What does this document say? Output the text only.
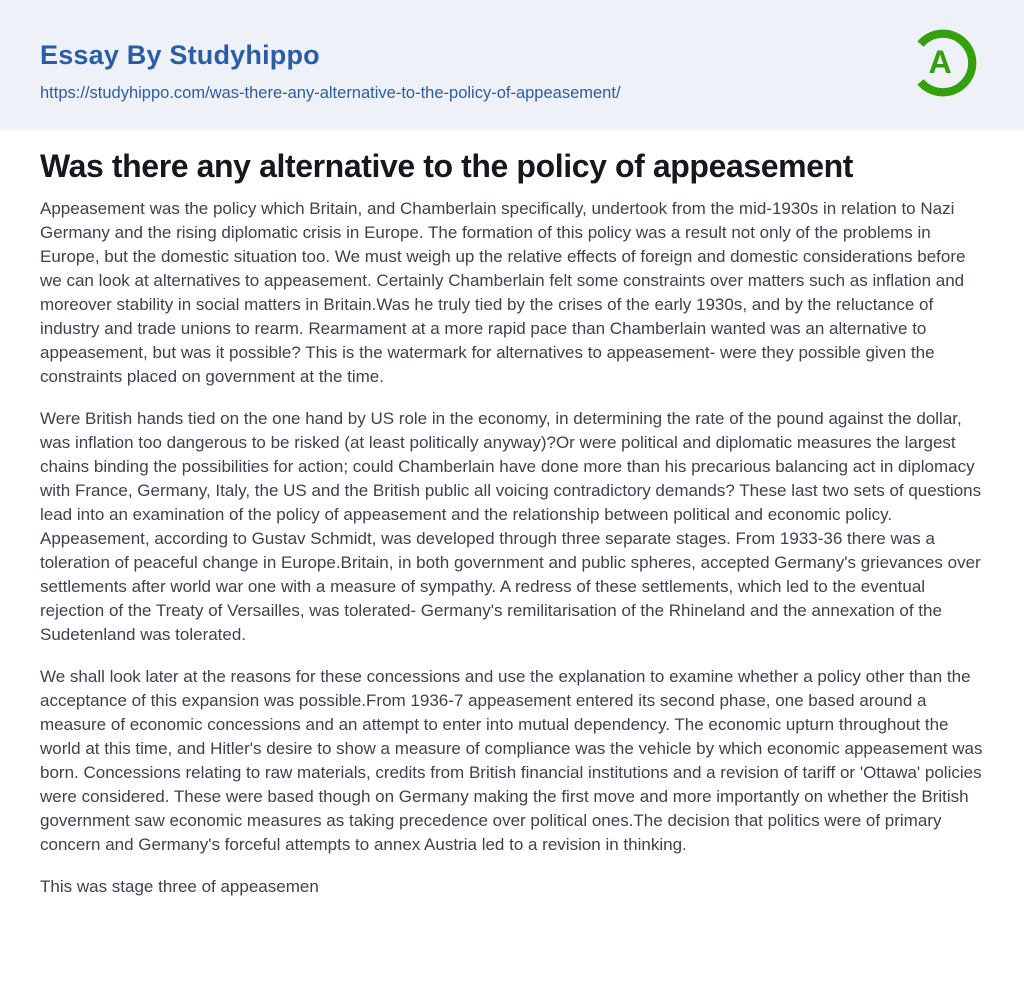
Essay By Studyhippo
https://studyhippo.com/was-there-any-alternative-to-the-policy-of-appeasement/
A
Was there any alternative to the policy of appeasement

Appeasement was the policy which Britain, and Chamberlain specifically, undertook from the mid-1930s in relation to Nazi Germany and the rising diplomatic crisis in Europe. The formation of this policy was a result not only of the problems in Europe, but the domestic situation too. We must weigh up the relative effects of foreign and domestic considerations before we can look at alternatives to appeasement. Certainly Chamberlain felt some constraints over matters such as inflation and moreover stability in social matters in Britain.Was he truly tied by the crises of the early 1930s, and by the reluctance of industry and trade unions to rearm. Rearmament at a more rapid pace than Chamberlain wanted was an alternative to appeasement, but was it possible? This is the watermark for alternatives to appeasement- were they possible given the constraints placed on government at the time.

Were British hands tied on the one hand by US role in the economy, in determining the rate of the pound against the dollar, was inflation too dangerous to be risked (at least politically anyway)?Or were political and diplomatic measures the largest chains binding the possibilities for action; could Chamberlain have done more than his precarious balancing act in diplomacy with France, Germany, Italy, the US and the British public all voicing contradictory demands? These last two sets of questions lead into an examination of the policy of appeasement and the relationship between political and economic policy. Appeasement, according to Gustav Schmidt, was developed through three separate stages. From 1933-36 there was a toleration of peaceful change in Europe.Britain, in both government and public spheres, accepted Germany's grievances over settlements after world war one with a measure of sympathy. A redress of these settlements, which led to the eventual rejection of the Treaty of Versailles, was tolerated- Germany's remilitarisation of the Rhineland and the annexation of the Sudetenland was tolerated.

We shall look later at the reasons for these concessions and use the explanation to examine whether a policy other than the acceptance of this expansion was possible.From 1936-7 appeasement entered its second phase, one based around a measure of economic concessions and an attempt to enter into mutual dependency. The economic upturn throughout the world at this time, and Hitler's desire to show a measure of compliance was the vehicle by which economic appeasement was born. Concessions relating to raw materials, credits from British financial institutions and a revision of tariff or 'Ottawa' policies were considered. These were based though on Germany making the first move and more importantly on whether the British government saw economic measures as taking precedence over political ones.The decision that politics were of primary concern and Germany's forceful attempts to annex Austria led to a revision in thinking.

This was stage three of appeasemen
